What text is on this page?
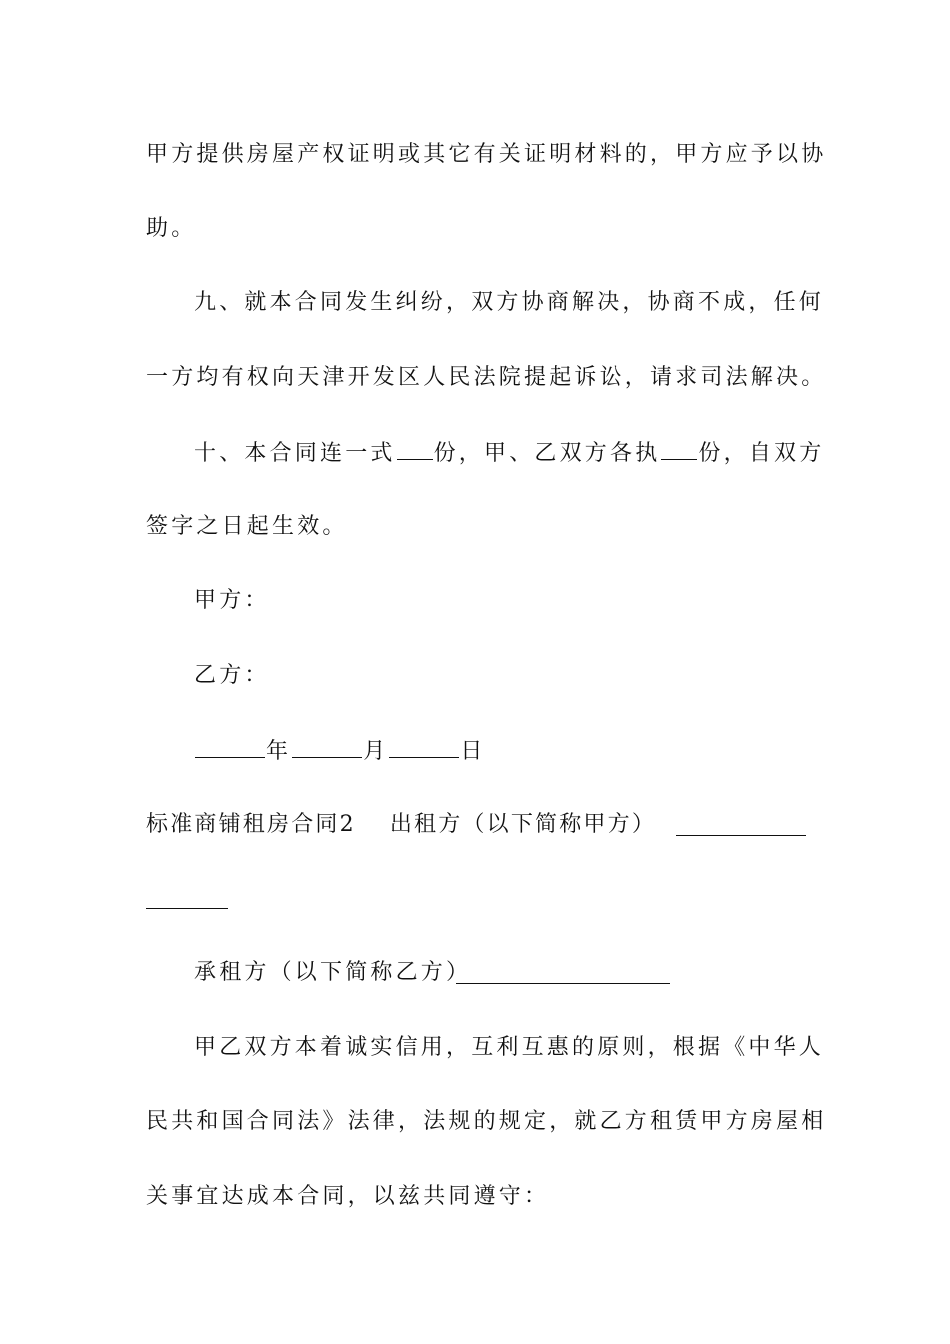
甲方提供房屋产权证明或其它有关证明材料的，甲方应予以协
助。
九、就本合同发生纠纷，双方协商解决，协商不成，任何
一方均有权向天津开发区人民法院提起诉讼，请求司法解决。
十、本合同连一式 份，甲、乙双方各执 份，自双方
签字之日起生效。
甲方：
乙方：
年	月	日
标准商铺租房合同2 出租方（以下简称甲方）
承租方（以下简称乙方）
甲乙双方本着诚实信用，互利互惠的原则，根据《中华人
民共和国合同法》法律，法规的规定，就乙方租赁甲方房屋相
关事宜达成本合同，以兹共同遵守：
